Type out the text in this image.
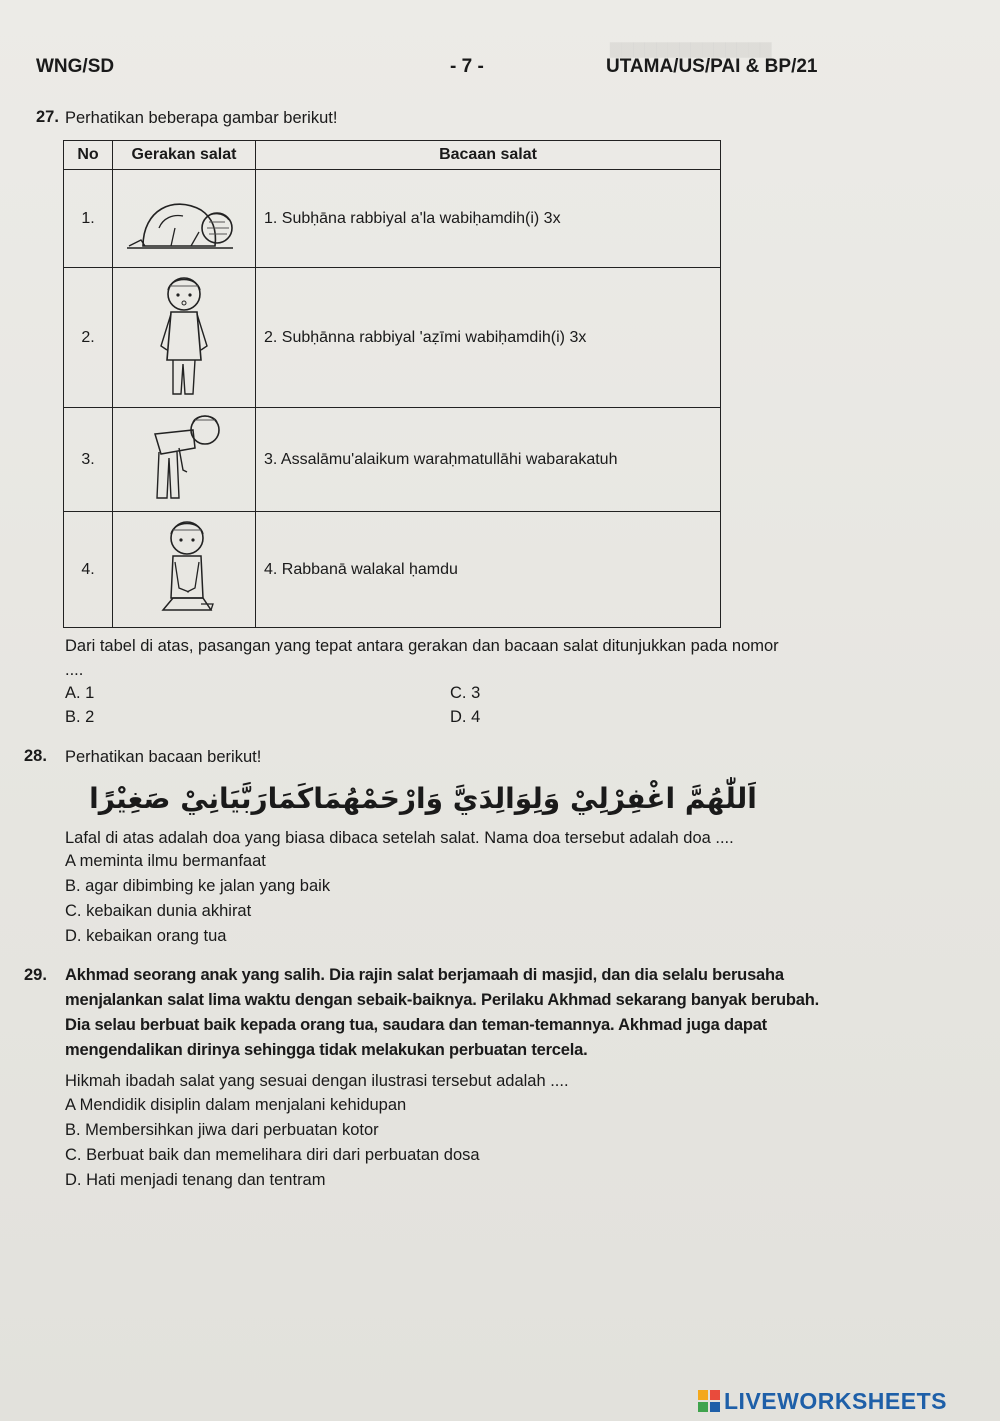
▇▇▇▇▇▇▇▇▇▇▇▇▇▇
WNG/SD	- 7 -	UTAMA/US/PAI & BP/21
27. Perhatikan beberapa gambar berikut!
No	Gerakan salat	Bacaan salat
1.		1. Subḥāna rabbiyal a'la wabiḥamdih(i) 3x
2.		2. Subḥānna rabbiyal 'aẓīmi wabiḥamdih(i) 3x
3.		3. Assalāmu'alaikum waraḥmatullāhi wabarakatuh
4.		4. Rabbanā walakal ḥamdu
Dari tabel di atas, pasangan yang tepat antara gerakan dan bacaan salat ditunjukkan pada nomor
....
A. 1
B. 2
C. 3
D. 4
28. Perhatikan bacaan berikut!
اَللّٰهُمَّ اغْفِرْلِيْ وَلِوَالِدَيَّ وَارْحَمْهُمَاكَمَارَبَّيَانِيْ صَغِيْرًا
Lafal di atas adalah doa yang biasa dibaca setelah salat. Nama doa tersebut adalah doa ....
A meminta ilmu bermanfaat
B. agar dibimbing ke jalan yang baik
C. kebaikan dunia akhirat
D. kebaikan orang tua
29. Akhmad seorang anak yang salih. Dia rajin salat berjamaah di masjid, dan dia selalu berusaha
menjalankan salat lima waktu dengan sebaik-baiknya. Perilaku Akhmad sekarang banyak berubah.
Dia selau berbuat baik kepada orang tua, saudara dan teman-temannya. Akhmad juga dapat
mengendalikan dirinya sehingga tidak melakukan perbuatan tercela.
Hikmah ibadah salat yang sesuai dengan ilustrasi tersebut adalah ....
A Mendidik disiplin dalam menjalani kehidupan
B. Membersihkan jiwa dari perbuatan kotor
C. Berbuat baik dan memelihara diri dari perbuatan dosa
D. Hati menjadi tenang dan tentram
LIVEWORKSHEETS
